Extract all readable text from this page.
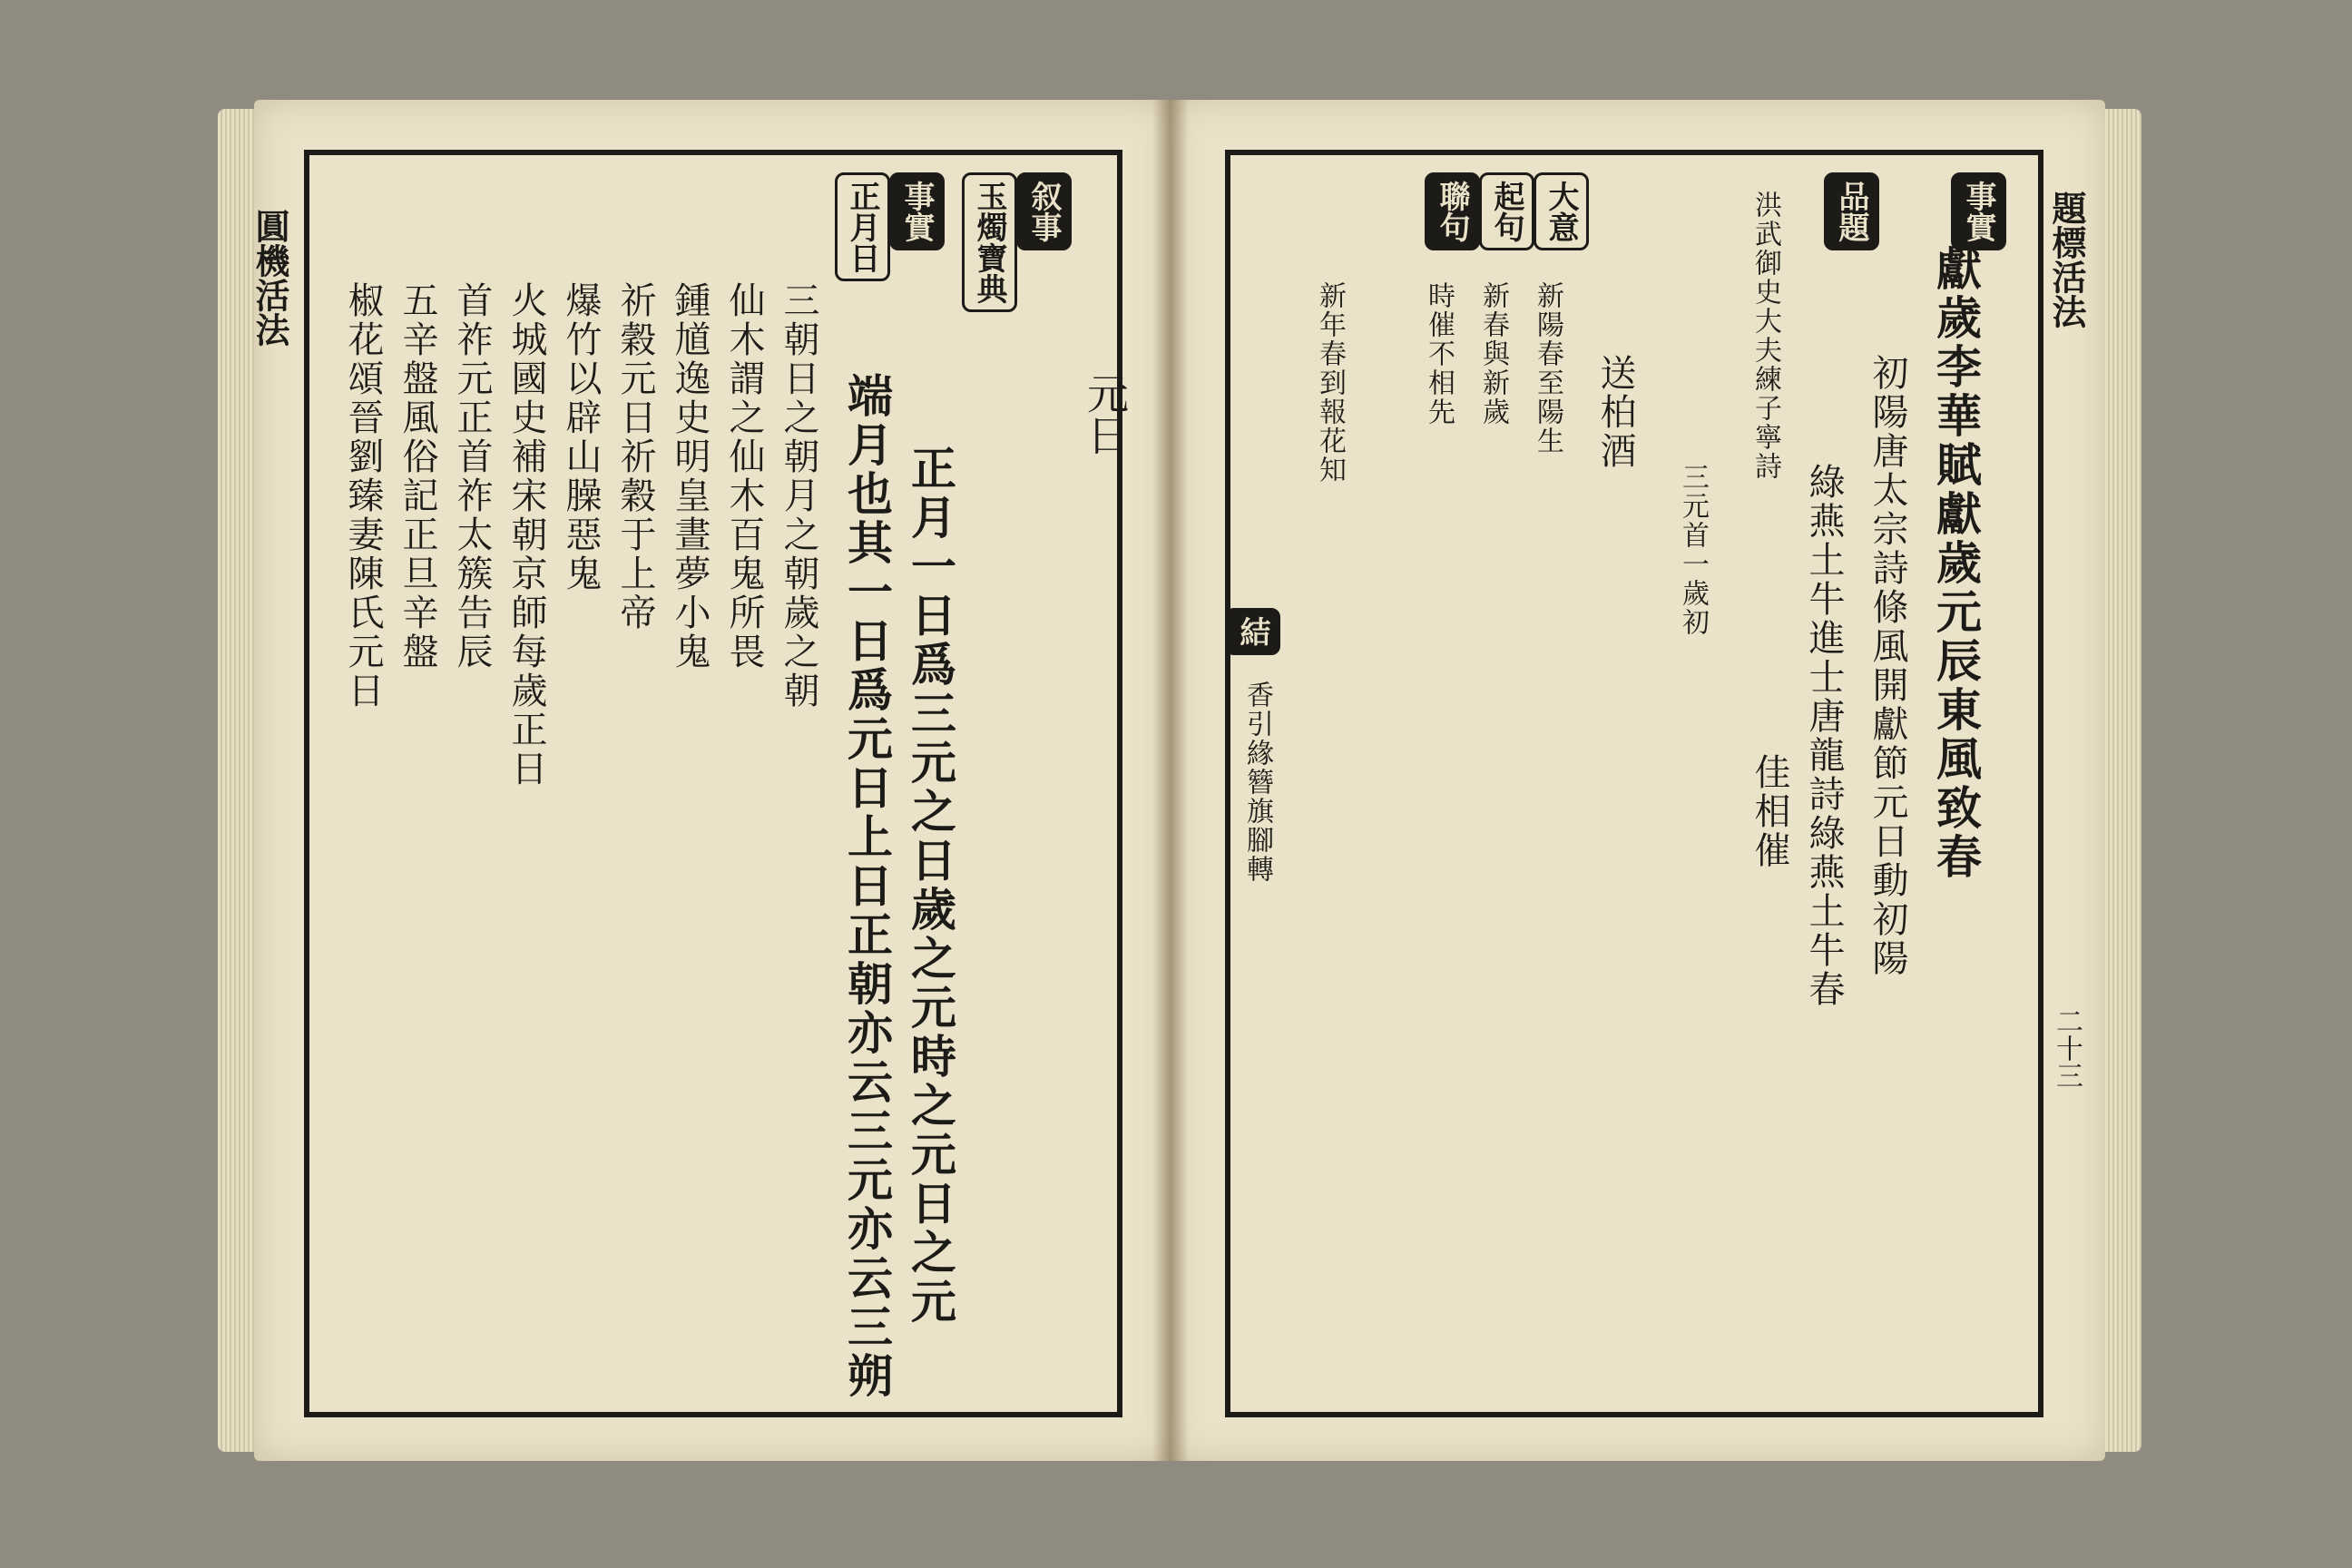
圓機活法
元日
叙事
玉燭寶典
事實
正月日
正月一日爲三元之日歲之元時之元日之元
端月也其一日爲元日上日正朝亦云三元亦云三朔
三朝日之朝月之朝歲之朝
仙木謂之仙木百鬼所畏
鍾馗逸史明皇晝夢小鬼
祈穀元日祈穀于上帝
爆竹以辟山臊惡鬼
火城國史補宋朝京師每歲正日
首祚元正首祚太簇告辰
五辛盤風俗記正旦辛盤
椒花頌晉劉臻妻陳氏元日
題標活法
二十三
事實
品題
大意
起句
聯句
結	獻歲李華賦獻歲元辰東風致春
初陽唐太宗詩條風開獻節元日動初陽
送柏酒
綠燕土牛進士唐龍詩綠燕土牛春
佳相催
洪武御史大夫練子寧詩
三元首一歲初
新陽春至陽生
新春與新歲
時催不相先
新年春到報花知
香引緣簪旗腳轉
